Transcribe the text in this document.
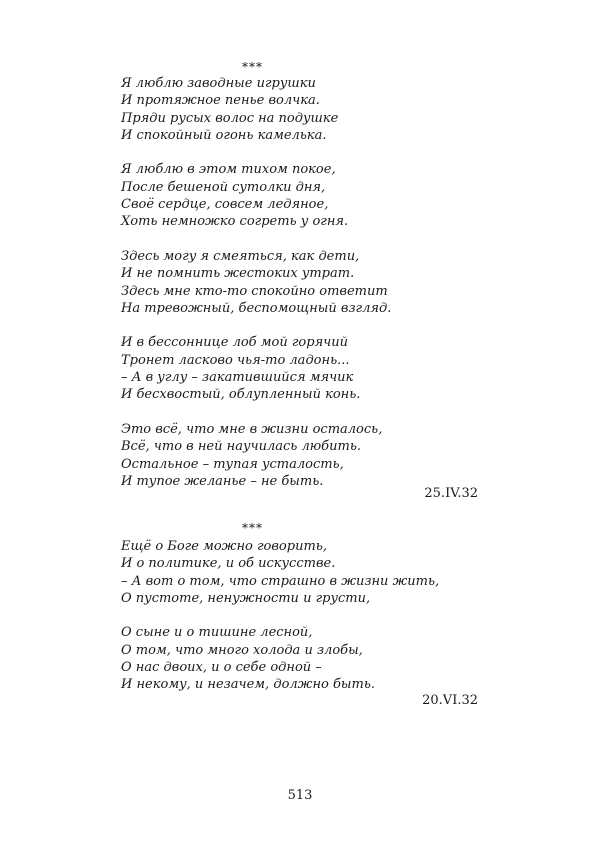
***
Я люблю заводные игрушки
И протяжное пенье волчка.
Пряди русых волос на подушке
И спокойный огонь камелька.
Я люблю в этом тихом покое,
После бешеной сутолки дня,
Своё сердце, совсем ледяное,
Хоть немножко согреть у огня.
Здесь могу я смеяться, как дети,
И не помнить жестоких утрат.
Здесь мне кто-то спокойно ответит
На тревожный, беспомощный взгляд.
И в бессоннице лоб мой горячий
Тронет ласково чья-то ладонь...
– А в углу – закатившийся мячик
И бесхвостый, облупленный конь.
Это всё, что мне в жизни осталось,
Всё, что в ней научилась любить.
Остальное – тупая усталость,
И тупое желанье – не быть.
25.IV.32
***
Ещё о Боге можно говорить,
И о политике, и об искусстве.
– А вот о том, что страшно в жизни жить,
О пустоте, ненужности и грусти,
О сыне и о тишине лесной,
О том, что много холода и злобы,
О нас двоих, и о себе одной –
И некому, и незачем, должно быть.
20.VI.32
513
